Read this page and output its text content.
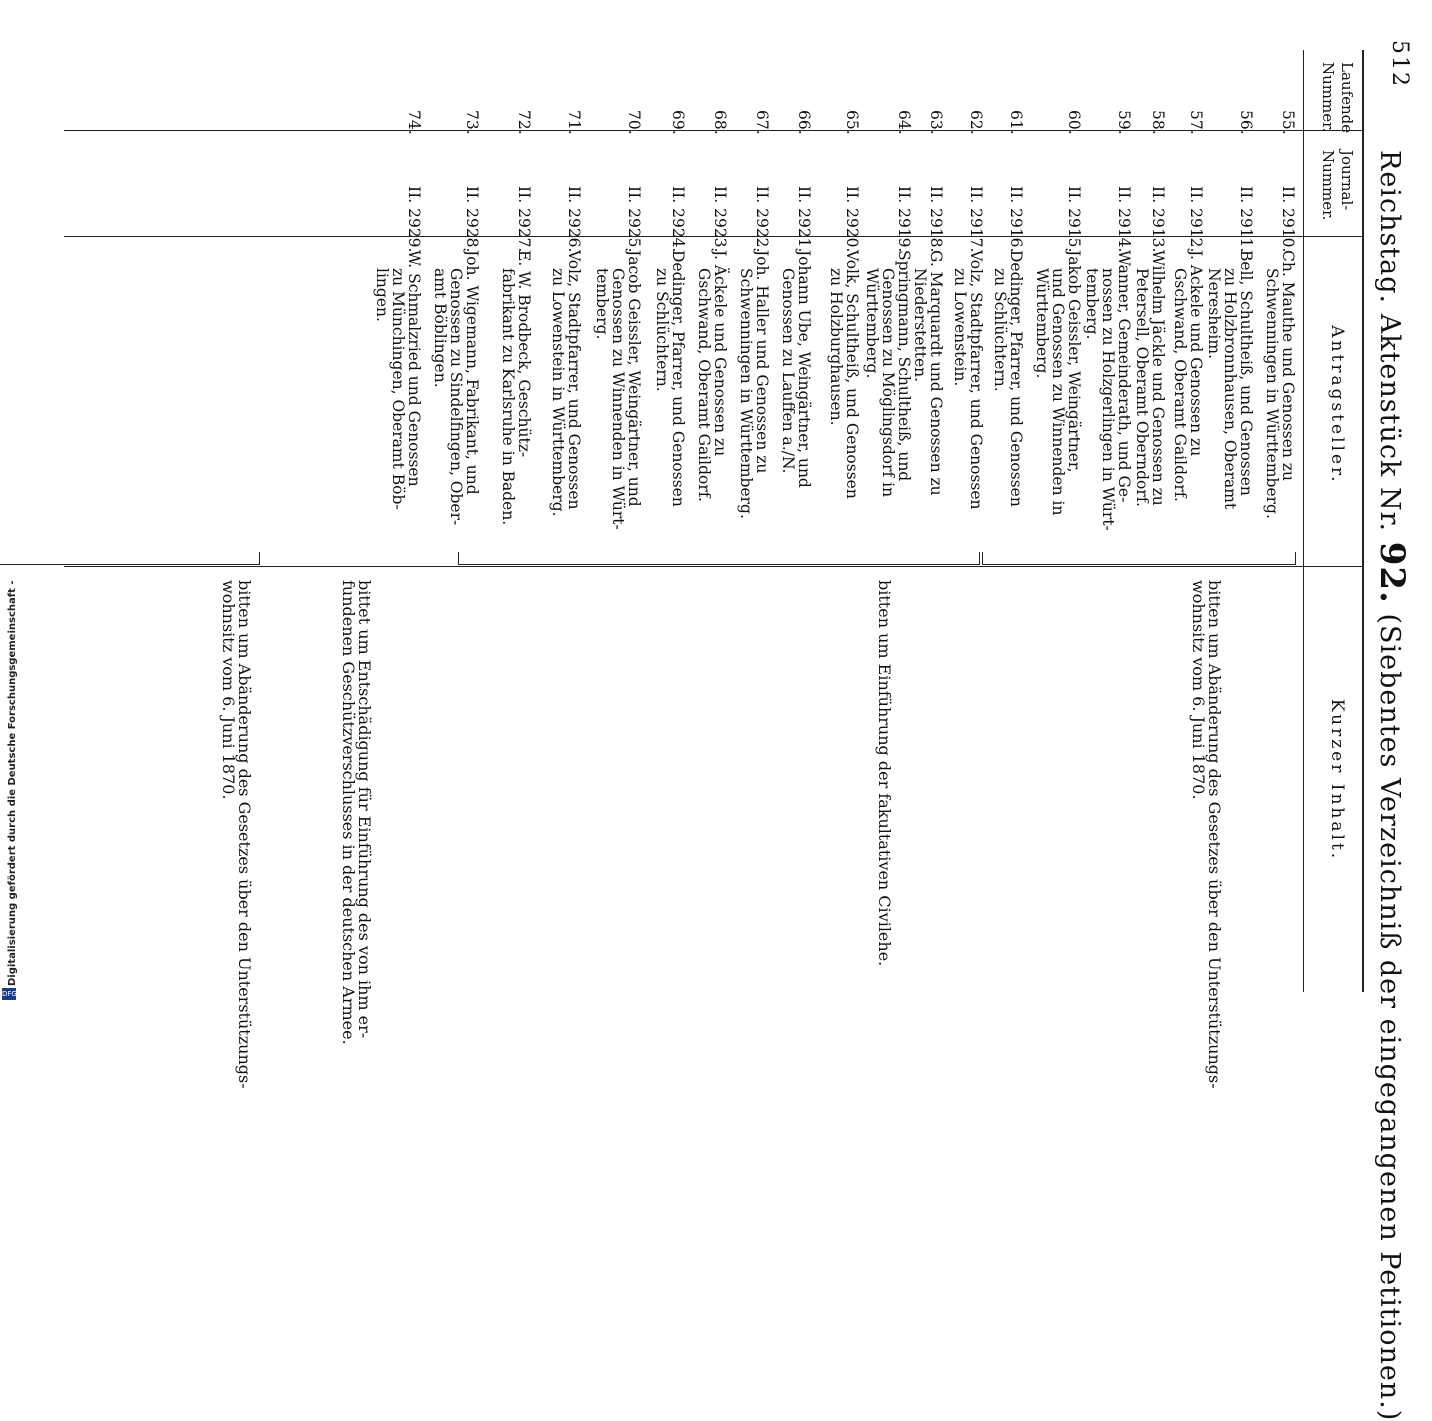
512
Reichstag. Aktenstück Nr. 92. (Siebentes Verzeichniß der eingegangenen Petitionen.)
Laufende
Nummer.
Journal-
Nummer.
Antragsteller.
Kurzer Inhalt.
55.
II. 2910.
Ch. Mauthe und Genossen zu
Schwenningen in Württemberg.
56.
II. 2911.
Bell, Schultheiß, und Genossen
zu Holzbronnhausen, Oberamt
Neresheim.
57.
II. 2912.
J. Ackele und Genossen zu
Gschwand, Oberamt Gaildorf.
58.
II. 2913.
Wilhelm Jäckle und Genossen zu
Petersell, Oberamt Oberndorf.
59.
II. 2914.
Wanner, Gemeinderath, und Ge-
nossen zu Holzgerlingen in Würt-
temberg.
60.
II. 2915.
Jakob Geissler, Weingärtner,
und Genossen zu Winnenden in
Württemberg.
61.
II. 2916.
Dedinger, Pfarrer, und Genossen
zu Schlüchtern.
62.
II. 2917.
Volz, Stadtpfarrer, und Genossen
zu Lowenstein.
63.
II. 2918.
G. Marquardt und Genossen zu
Niederstetten.
64.
II. 2919.
Springmann, Schultheiß, und
Genossen zu Möglingsdorf in
Württemberg.
65.
II. 2920.
Volk, Schultheiß, und Genossen
zu Holzburghausen.
66.
II. 2921.
Johann Ube, Weingärtner, und
Genossen zu Lauffen a./N.
67.
II. 2922.
Joh. Haller und Genossen zu
Schwenningen in Württemberg.
68.
II. 2923.
J. Äckele und Genossen zu
Gschwand, Oberamt Gaildorf.
69.
II. 2924.
Dedinger, Pfarrer, und Genossen
zu Schlüchtern.
70.
II. 2925.
Jacob Geissler, Weingärtner, und
Genossen zu Winnenden in Würt-
temberg.
71.
II. 2926.
Volz, Stadtpfarrer, und Genossen
zu Lowenstein in Württemberg.
72.
II. 2927.
E. W. Brodbeck, Geschütz-
fabrikant zu Karlsruhe in Baden.
73.
II. 2928.
Joh. Wigemann, Fabrikant, und
Genossen zu Sindelfingen, Ober-
amt Böblingen.
74.
II. 2929.
W. Schmalzried und Genossen
zu Münchingen, Oberamt Böb-
lingen.
bitten um Abänderung des Gesetzes über den Unterstützungs-
wohnsitz vom 6. Juni 1870.
bitten um Einführung der fakultativen Civilehe.
bittet um Entschädigung für Einführung des von ihm er-
fundenen Geschützverschlusses in der deutschen Armee.
bitten um Abänderung des Gesetzes über den Unterstützungs-
wohnsitz vom 6. Juni 1870.
Digitalisierung gefördert durch die Deutsche Forschungsgemeinschaft -
DFG
